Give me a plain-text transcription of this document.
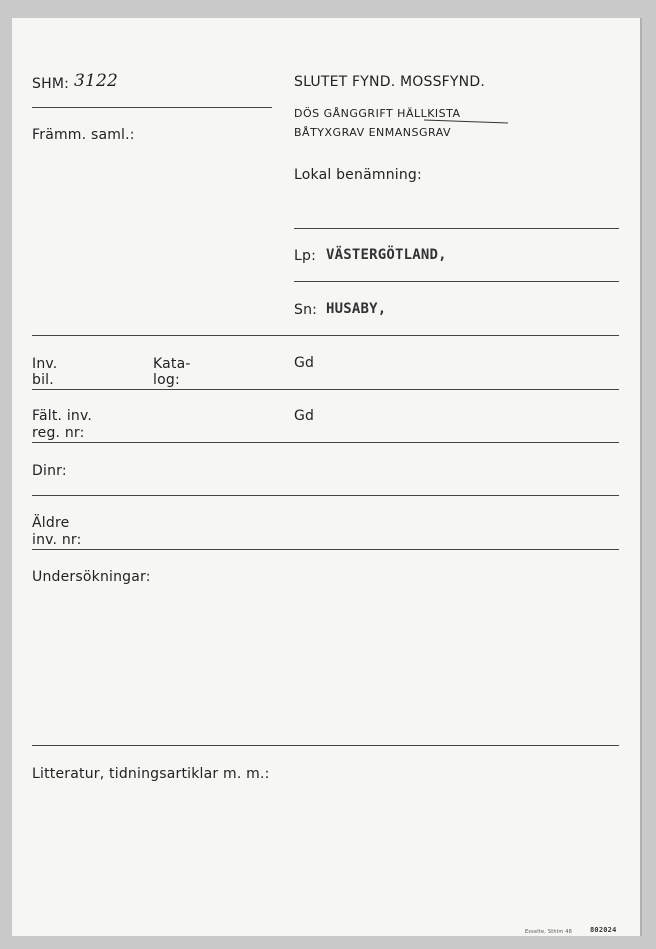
SHM: 3122
Främm. saml.:
SLUTET FYND. MOSSFYND.
DÖS GÅNGGRIFT HÄLLKISTA
BÅTYXGRAV ENMANSGRAV
Lokal benämning:
Lp: VÄSTERGÖTLAND,
Sn: HUSABY,
Inv.
bil.
Kata-
log:
Gd
Fält. inv.
reg. nr:
Gd
Dinr:
Äldre
inv. nr:
Undersökningar:
Litteratur, tidningsartiklar m. m.:
Esselte, Sthlm 48	802024
